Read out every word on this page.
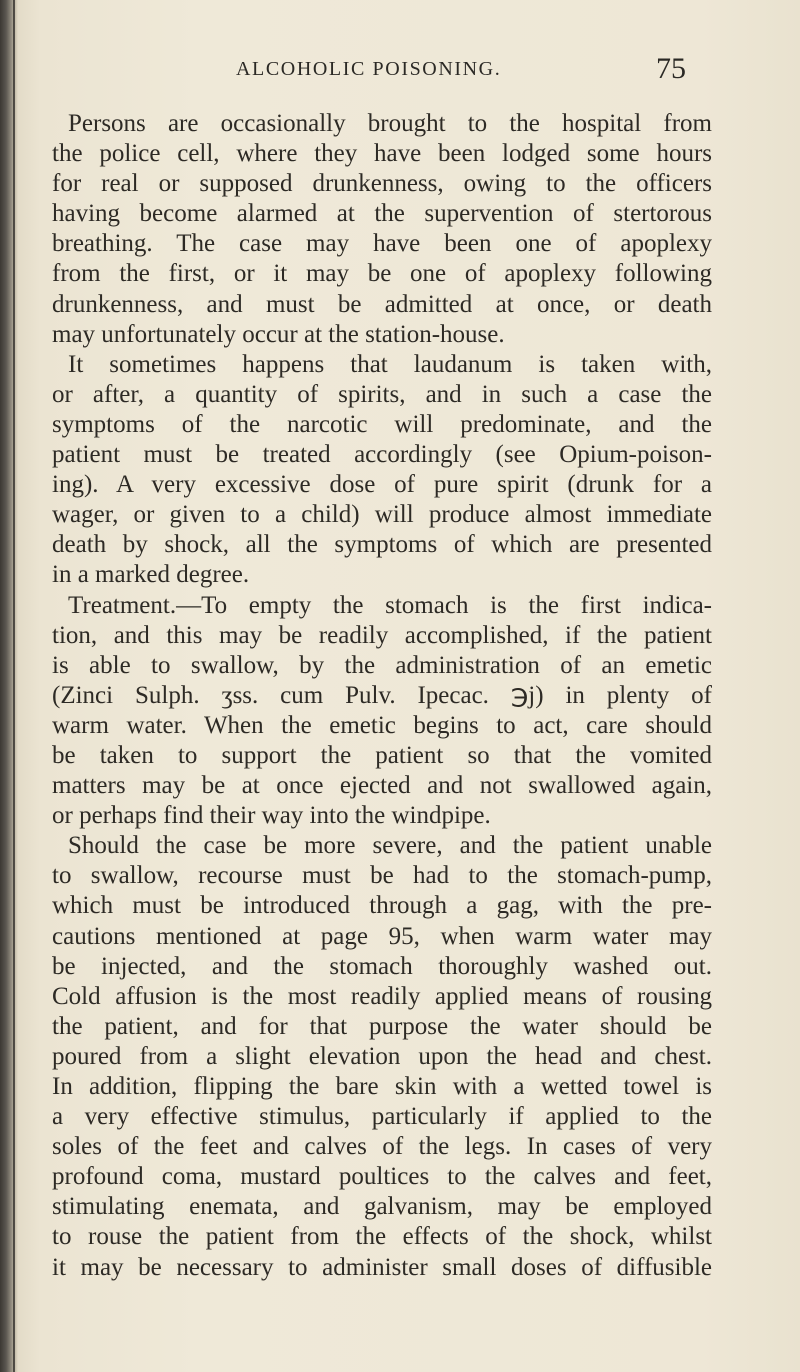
ALCOHOLIC POISONING.	75
Persons are occasionally brought to the hospital from
the police cell, where they have been lodged some hours
for real or supposed drunkenness, owing to the officers
having become alarmed at the supervention of stertorous
breathing. The case may have been one of apoplexy
from the first, or it may be one of apoplexy following
drunkenness, and must be admitted at once, or death
may unfortunately occur at the station-house.
It sometimes happens that laudanum is taken with,
or after, a quantity of spirits, and in such a case the
symptoms of the narcotic will predominate, and the
patient must be treated accordingly (see Opium-poison-
ing). A very excessive dose of pure spirit (drunk for a
wager, or given to a child) will produce almost immediate
death by shock, all the symptoms of which are presented
in a marked degree.
Treatment.—To empty the stomach is the first indica-
tion, and this may be readily accomplished, if the patient
is able to swallow, by the administration of an emetic
(Zinci Sulph. ʒss. cum Pulv. Ipecac. ℈j) in plenty of
warm water. When the emetic begins to act, care should
be taken to support the patient so that the vomited
matters may be at once ejected and not swallowed again,
or perhaps find their way into the windpipe.
Should the case be more severe, and the patient unable
to swallow, recourse must be had to the stomach-pump,
which must be introduced through a gag, with the pre-
cautions mentioned at page 95, when warm water may
be injected, and the stomach thoroughly washed out.
Cold affusion is the most readily applied means of rousing
the patient, and for that purpose the water should be
poured from a slight elevation upon the head and chest.
In addition, flipping the bare skin with a wetted towel is
a very effective stimulus, particularly if applied to the
soles of the feet and calves of the legs. In cases of very
profound coma, mustard poultices to the calves and feet,
stimulating enemata, and galvanism, may be employed
to rouse the patient from the effects of the shock, whilst
it may be necessary to administer small doses of diffusible
